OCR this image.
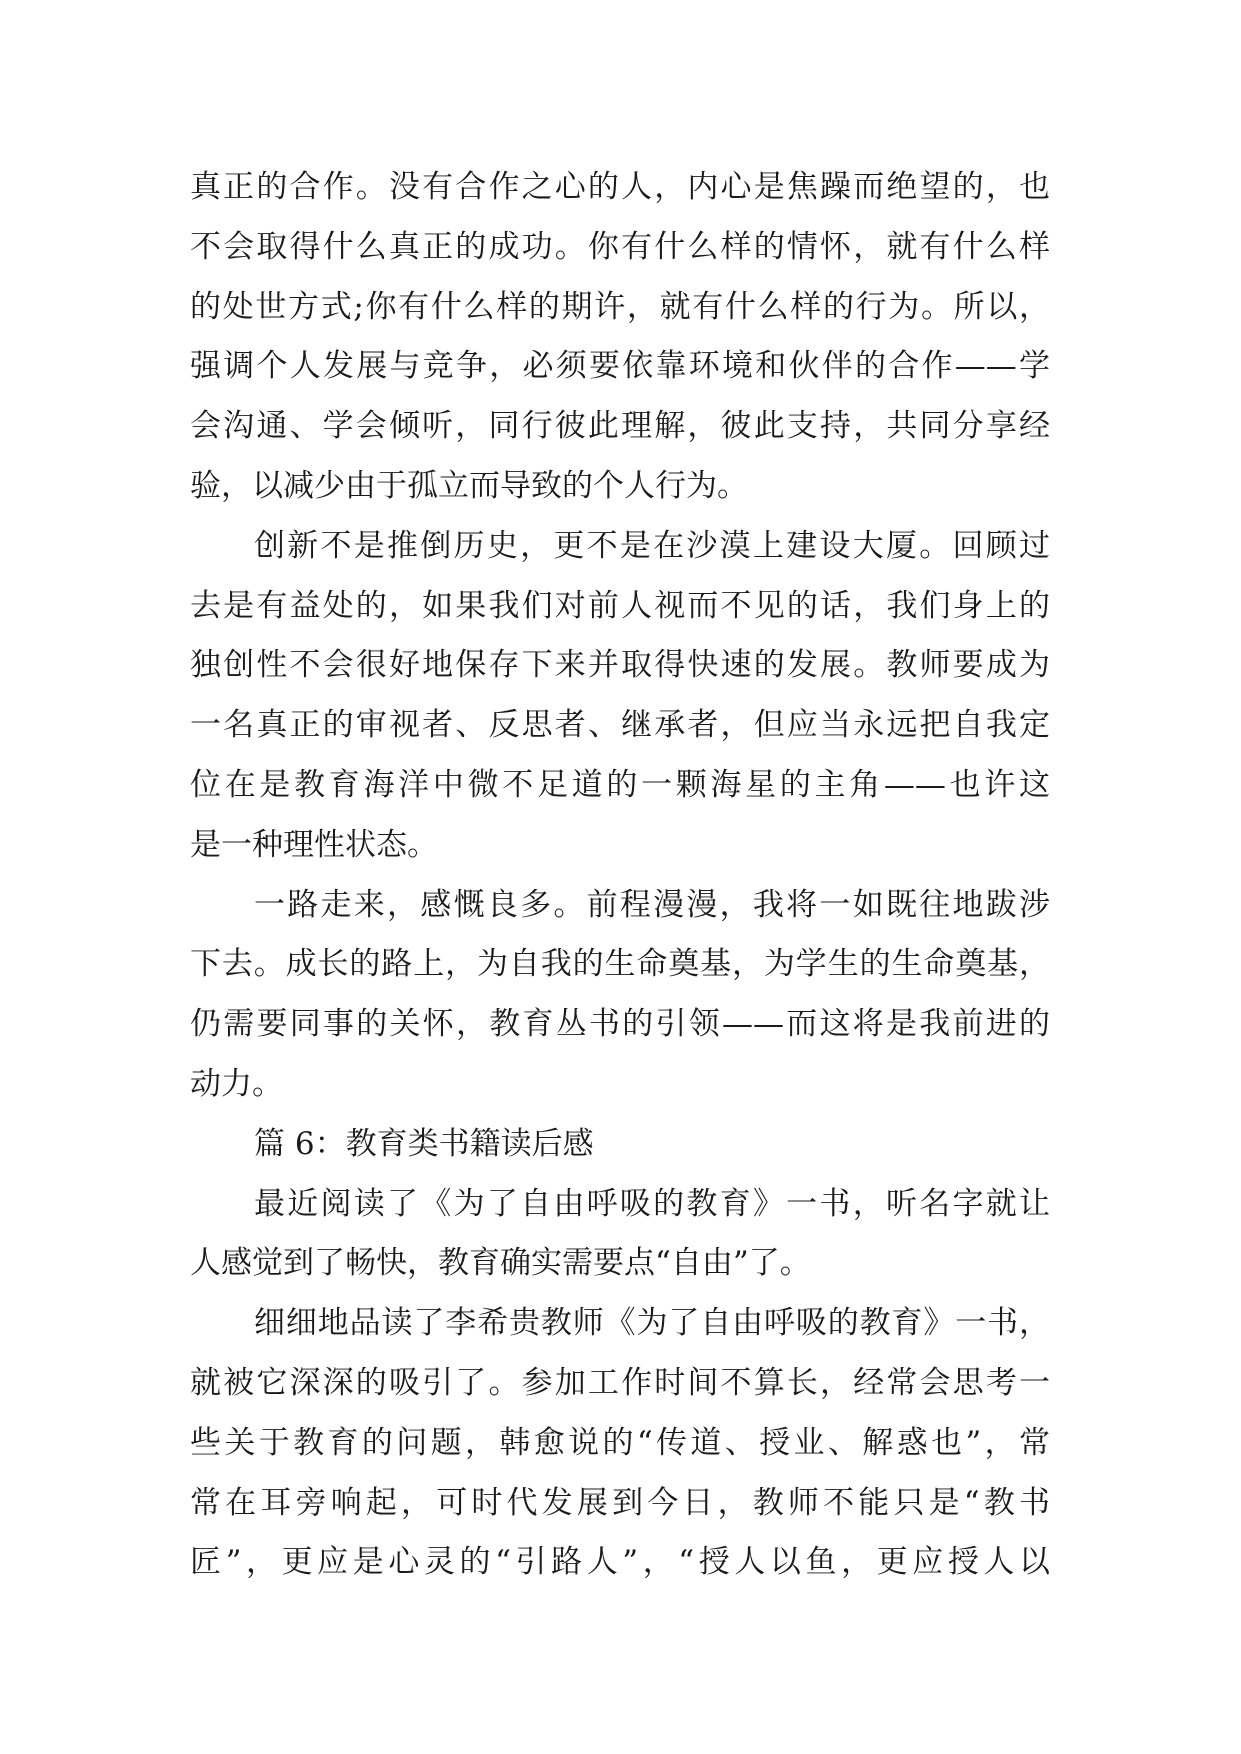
真正的合作。没有合作之心的人，内心是焦躁而绝望的，也
不会取得什么真正的成功。你有什么样的情怀，就有什么样
的处世方式;你有什么样的期许，就有什么样的行为。所以，
强调个人发展与竞争，必须要依靠环境和伙伴的合作——学
会沟通、学会倾听，同行彼此理解，彼此支持，共同分享经
验，以减少由于孤立而导致的个人行为。
创新不是推倒历史，更不是在沙漠上建设大厦。回顾过
去是有益处的，如果我们对前人视而不见的话，我们身上的
独创性不会很好地保存下来并取得快速的发展。教师要成为
一名真正的审视者、反思者、继承者，但应当永远把自我定
位在是教育海洋中微不足道的一颗海星的主角——也许这
是一种理性状态。
一路走来，感慨良多。前程漫漫，我将一如既往地跋涉
下去。成长的路上，为自我的生命奠基，为学生的生命奠基，
仍需要同事的关怀，教育丛书的引领——而这将是我前进的
动力。
篇 6：教育类书籍读后感
最近阅读了《为了自由呼吸的教育》一书，听名字就让
人感觉到了畅快，教育确实需要点“自由”了。
细细地品读了李希贵教师《为了自由呼吸的教育》一书，
就被它深深的吸引了。参加工作时间不算长，经常会思考一
些关于教育的问题，韩愈说的“传道、授业、解惑也”，常
常在耳旁响起，可时代发展到今日，教师不能只是“教书
匠”，更应是心灵的“引路人”，“授人以鱼，更应授人以
